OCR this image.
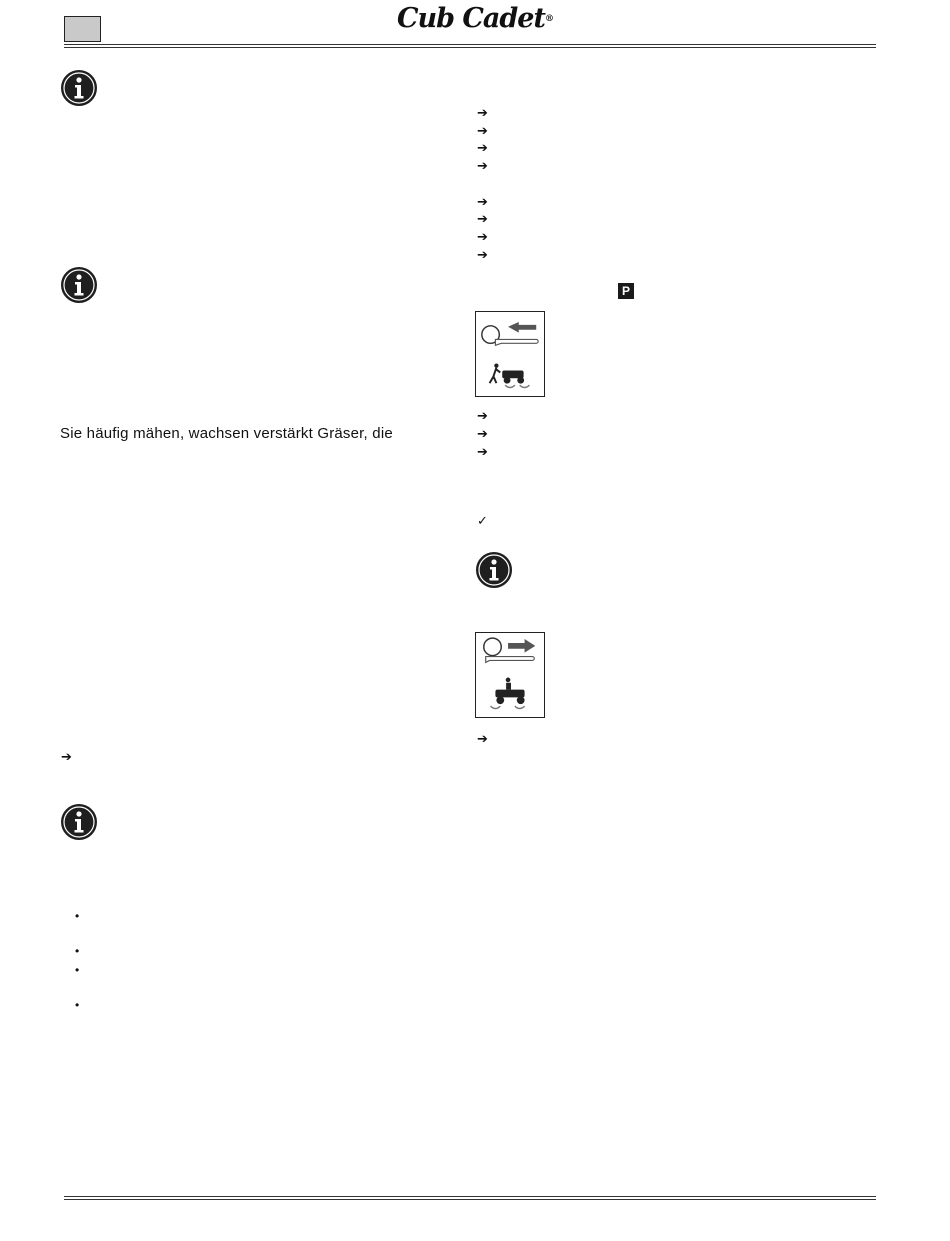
Cub Cadet®
Sie häufig mähen, wachsen verstärkt Gräser, die
➔
•
•
•
•
➔
➔
➔
➔
➔
➔
➔
➔
P
➔
➔
➔
✓
➔
